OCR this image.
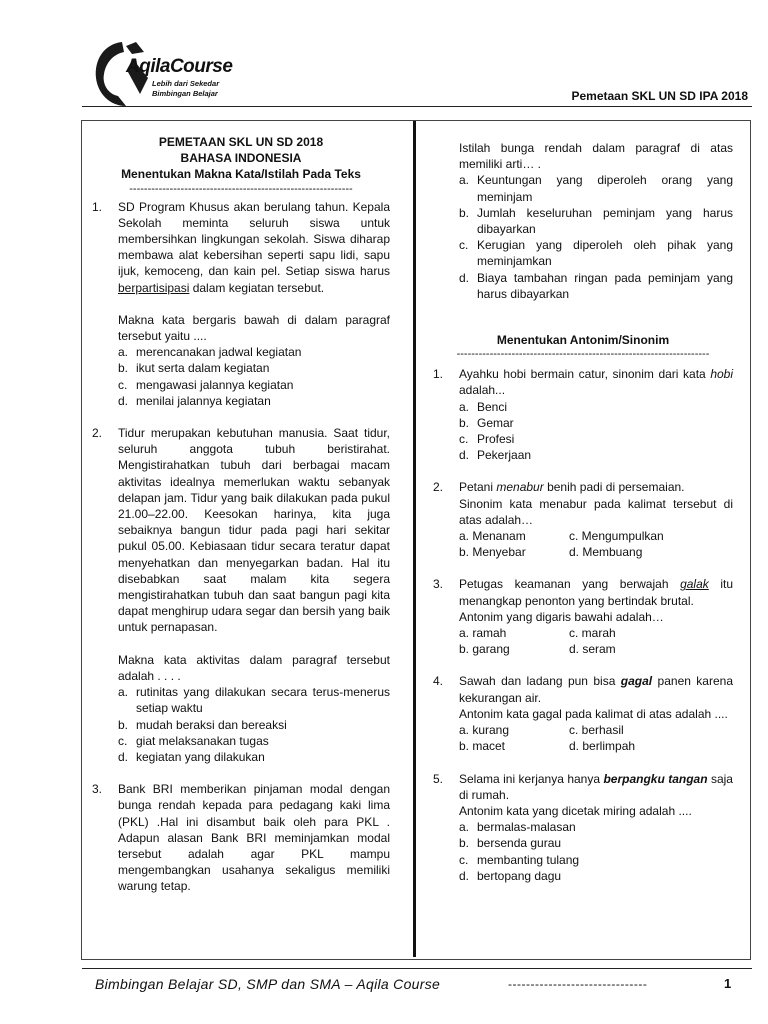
AqilaCourse
Lebih dari Sekedar
Bimbingan Belajar	Pemetaan SKL UN SD IPA 2018
PEMETAAN SKL UN SD 2018
BAHASA INDONESIA
Menentukan Makna Kata/Istilah Pada Teks
-------------------------------------------------------------
1. SD Program Khusus akan berulang tahun. Kepala Sekolah meminta seluruh siswa untuk membersihkan lingkungan sekolah. Siswa diharap membawa alat kebersihan seperti sapu lidi, sapu ijuk, kemoceng, dan kain pel. Setiap siswa harus berpartisipasi dalam kegiatan tersebut.
Makna kata bergaris bawah di dalam paragraf tersebut yaitu ....
a. merencanakan jadwal kegiatan
b. ikut serta dalam kegiatan
c. mengawasi jalannya kegiatan
d. menilai jalannya kegiatan
2. Tidur merupakan kebutuhan manusia. Saat tidur, seluruh anggota tubuh beristirahat. Mengistirahatkan tubuh dari berbagai macam aktivitas idealnya memerlukan waktu sebanyak delapan jam. Tidur yang baik dilakukan pada pukul 21.00–22.00. Keesokan harinya, kita juga sebaiknya bangun tidur pada pagi hari sekitar pukul 05.00. Kebiasaan tidur secara teratur dapat menyehatkan dan menyegarkan badan. Hal itu disebabkan saat malam kita segera mengistirahatkan tubuh dan saat bangun pagi kita dapat menghirup udara segar dan bersih yang baik untuk pernapasan.
Makna kata aktivitas dalam paragraf tersebut adalah . . . .
a. rutinitas yang dilakukan secara terus-menerus setiap waktu
b. mudah beraksi dan bereaksi
c. giat melaksanakan tugas
d. kegiatan yang dilakukan
3. Bank BRI memberikan pinjaman modal dengan bunga rendah kepada para pedagang kaki lima (PKL) .Hal ini disambut baik oleh para PKL . Adapun alasan Bank BRI meminjamkan modal tersebut adalah agar PKL mampu mengembangkan usahanya sekaligus memiliki warung tetap.
Istilah bunga rendah dalam paragraf di atas memiliki arti… .
a. Keuntungan yang diperoleh orang yang meminjam
b. Jumlah keseluruhan peminjam yang harus dibayarkan
c. Kerugian yang diperoleh oleh pihak yang meminjamkan
d. Biaya tambahan ringan pada peminjam yang harus dibayarkan
Menentukan Antonim/Sinonim
---------------------------------------------------------------------
1. Ayahku hobi bermain catur, sinonim dari kata hobi adalah...
a. Benci
b. Gemar
c. Profesi
d. Pekerjaan
2. Petani menabur benih padi di persemaian.
Sinonim kata menabur pada kalimat tersebut di atas adalah…
a. Menanam	c. Mengumpulkan
b. Menyebar	d. Membuang
3. Petugas keamanan yang berwajah galak itu menangkap penonton yang bertindak brutal.
Antonim yang digaris bawahi adalah…
a. ramah	c. marah
b. garang	d. seram
4. Sawah dan ladang pun bisa gagal panen karena kekurangan air.
Antonim kata gagal pada kalimat di atas adalah ....
a. kurang	c. berhasil
b. macet	d. berlimpah
5. Selama ini kerjanya hanya berpangku tangan saja di rumah.
Antonim kata yang dicetak miring adalah ....
a. bermalas-malasan
b. bersenda gurau
c. membanting tulang
d. bertopang dagu
Bimbingan Belajar SD, SMP dan SMA – Aqila Course	-------------------------------	1
